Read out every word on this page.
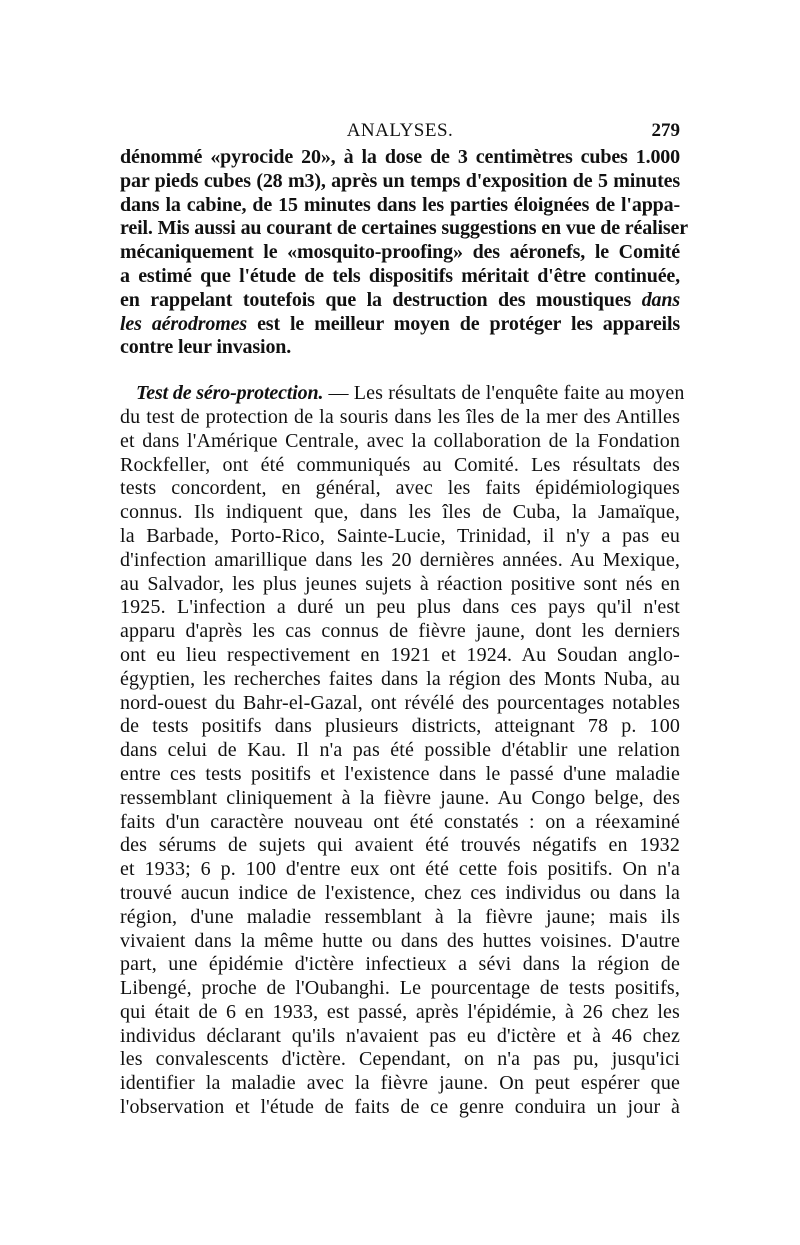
ANALYSES.	279
dénommé «pyrocide 20», à la dose de 3 centimètres cubes 1.000
par pieds cubes (28 m3), après un temps d'exposition de 5 minutes
dans la cabine, de 15 minutes dans les parties éloignées de l'appa-
reil. Mis aussi au courant de certaines suggestions en vue de réaliser
mécaniquement le «mosquito-proofing» des aéronefs, le Comité
a estimé que l'étude de tels dispositifs méritait d'être continuée,
en rappelant toutefois que la destruction des moustiques dans
les aérodromes est le meilleur moyen de protéger les appareils
contre leur invasion.
Test de séro-protection. — Les résultats de l'enquête faite au moyen
du test de protection de la souris dans les îles de la mer des Antilles
et dans l'Amérique Centrale, avec la collaboration de la Fondation
Rockfeller, ont été communiqués au Comité. Les résultats des
tests concordent, en général, avec les faits épidémiologiques
connus. Ils indiquent que, dans les îles de Cuba, la Jamaïque,
la Barbade, Porto-Rico, Sainte-Lucie, Trinidad, il n'y a pas eu
d'infection amarillique dans les 20 dernières années. Au Mexique,
au Salvador, les plus jeunes sujets à réaction positive sont nés en
1925. L'infection a duré un peu plus dans ces pays qu'il n'est
apparu d'après les cas connus de fièvre jaune, dont les derniers
ont eu lieu respectivement en 1921 et 1924. Au Soudan anglo-
égyptien, les recherches faites dans la région des Monts Nuba, au
nord-ouest du Bahr-el-Gazal, ont révélé des pourcentages notables
de tests positifs dans plusieurs districts, atteignant 78 p. 100
dans celui de Kau. Il n'a pas été possible d'établir une relation
entre ces tests positifs et l'existence dans le passé d'une maladie
ressemblant cliniquement à la fièvre jaune. Au Congo belge, des
faits d'un caractère nouveau ont été constatés : on a réexaminé
des sérums de sujets qui avaient été trouvés négatifs en 1932
et 1933; 6 p. 100 d'entre eux ont été cette fois positifs. On n'a
trouvé aucun indice de l'existence, chez ces individus ou dans la
région, d'une maladie ressemblant à la fièvre jaune; mais ils
vivaient dans la même hutte ou dans des huttes voisines. D'autre
part, une épidémie d'ictère infectieux a sévi dans la région de
Libengé, proche de l'Oubanghi. Le pourcentage de tests positifs,
qui était de 6 en 1933, est passé, après l'épidémie, à 26 chez les
individus déclarant qu'ils n'avaient pas eu d'ictère et à 46 chez
les convalescents d'ictère. Cependant, on n'a pas pu, jusqu'ici
identifier la maladie avec la fièvre jaune. On peut espérer que
l'observation et l'étude de faits de ce genre conduira un jour à
